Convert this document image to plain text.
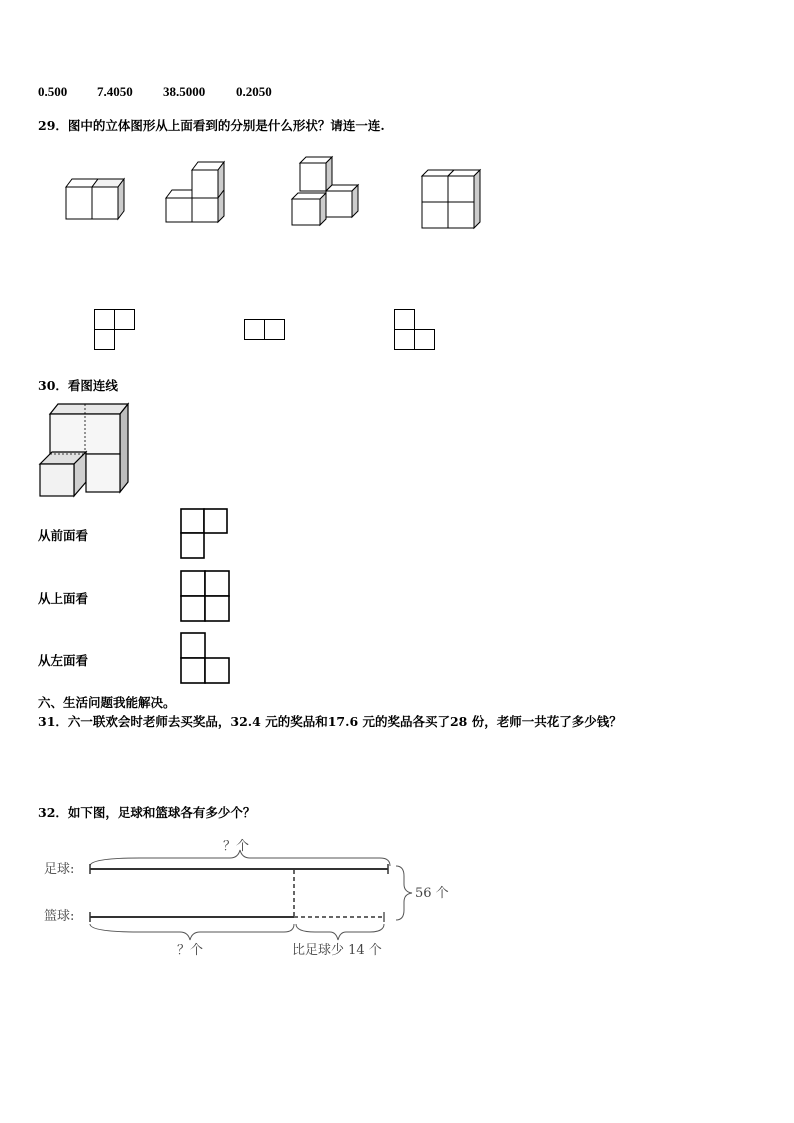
0.500 7.4050 38.5000 0.2050
29．图中的立体图形从上面看到的分别是什么形状？请连一连.
30．看图连线
从前面看
从上面看
从左面看
六、生活问题我能解决。
31．六一联欢会时老师去买奖品，32.4 元的奖品和17.6 元的奖品各买了28 份，老师一共花了多少钱？
32．如下图，足球和篮球各有多少个？
？个
足球:
篮球:
56 个
？个	比足球少 14 个
